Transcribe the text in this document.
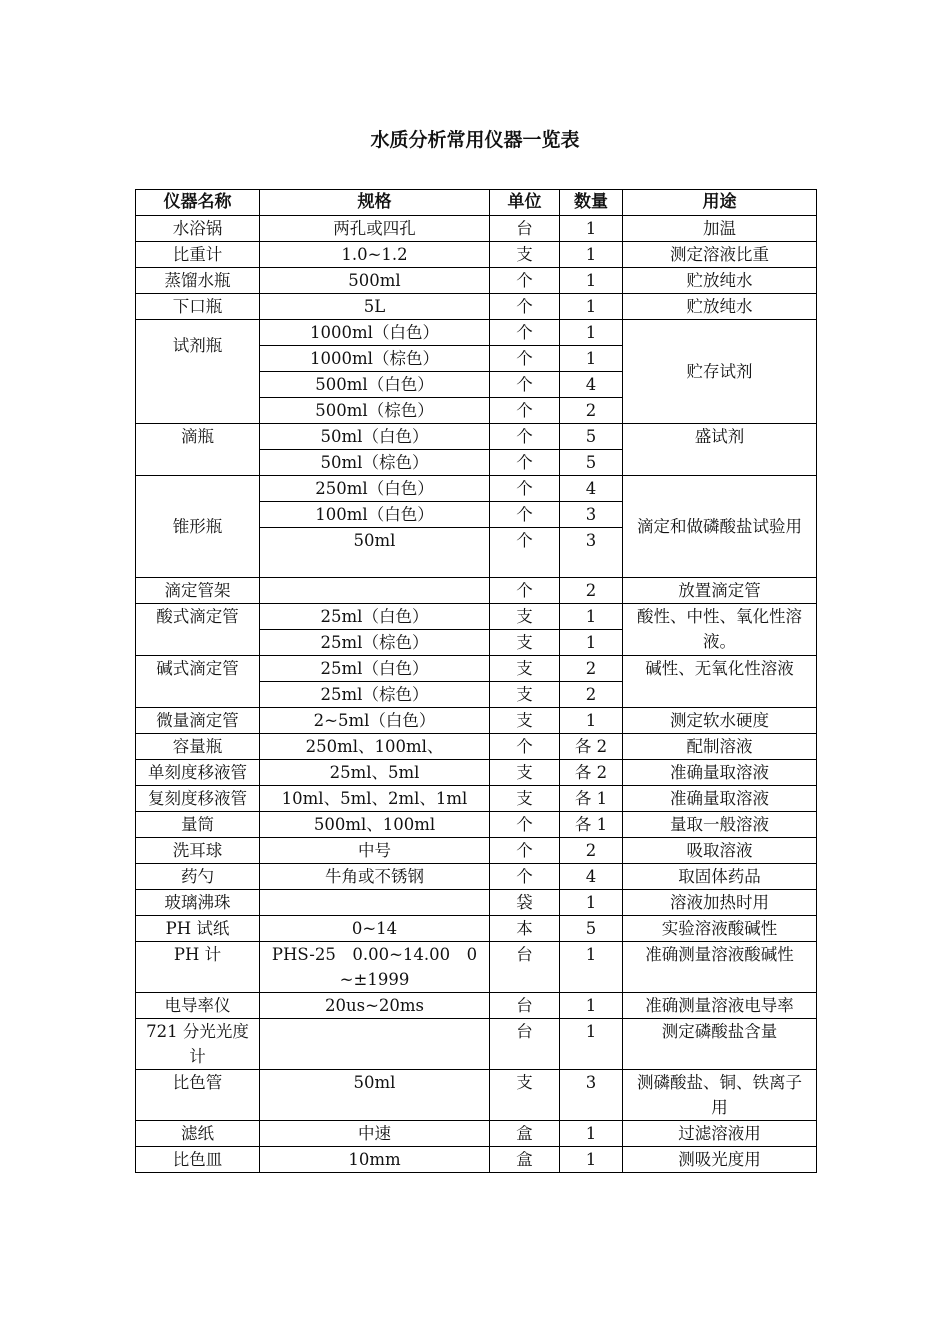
水质分析常用仪器一览表
仪器名称	规格	单位	数量	用途
水浴锅	两孔或四孔	台	1	加温
比重计	1.0~1.2	支	1	测定溶液比重
蒸馏水瓶	500ml	个	1	贮放纯水
下口瓶	5L	个	1	贮放纯水
试剂瓶	1000ml（白色）	个	1	贮存试剂
	1000ml（棕色）	个	1	
	500ml（白色）	个	4	
	500ml（棕色）	个	2	
滴瓶	50ml（白色）	个	5	盛试剂
	50ml（棕色）	个	5	
锥形瓶	250ml（白色）	个	4	滴定和做磷酸盐试验用
	100ml（白色）	个	3	
	50ml	个	3	
滴定管架		个	2	放置滴定管
酸式滴定管	25ml（白色）	支	1	酸性、中性、氧化性溶液。
	25ml（棕色）	支	1	
碱式滴定管	25ml（白色）	支	2	碱性、无氧化性溶液
	25ml（棕色）	支	2	
微量滴定管	2~5ml（白色）	支	1	测定软水硬度
容量瓶	250ml、100ml、	个	各 2	配制溶液
单刻度移液管	25ml、5ml	支	各 2	准确量取溶液
复刻度移液管	10ml、5ml、2ml、1ml	支	各 1	准确量取溶液
量筒	500ml、100ml	个	各 1	量取一般溶液
洗耳球	中号	个	2	吸取溶液
药勺	牛角或不锈钢	个	4	取固体药品
玻璃沸珠		袋	1	溶液加热时用
PH 试纸	0~14	本	5	实验溶液酸碱性
PH 计	PHS-25　0.00~14.00　0~±1999	台	1	准确测量溶液酸碱性
电导率仪	20us~20ms	台	1	准确测量溶液电导率
721 分光光度计		台	1	测定磷酸盐含量
比色管	50ml	支	3	测磷酸盐、铜、铁离子用
滤纸	中速	盒	1	过滤溶液用
比色皿	10mm	盒	1	测吸光度用
